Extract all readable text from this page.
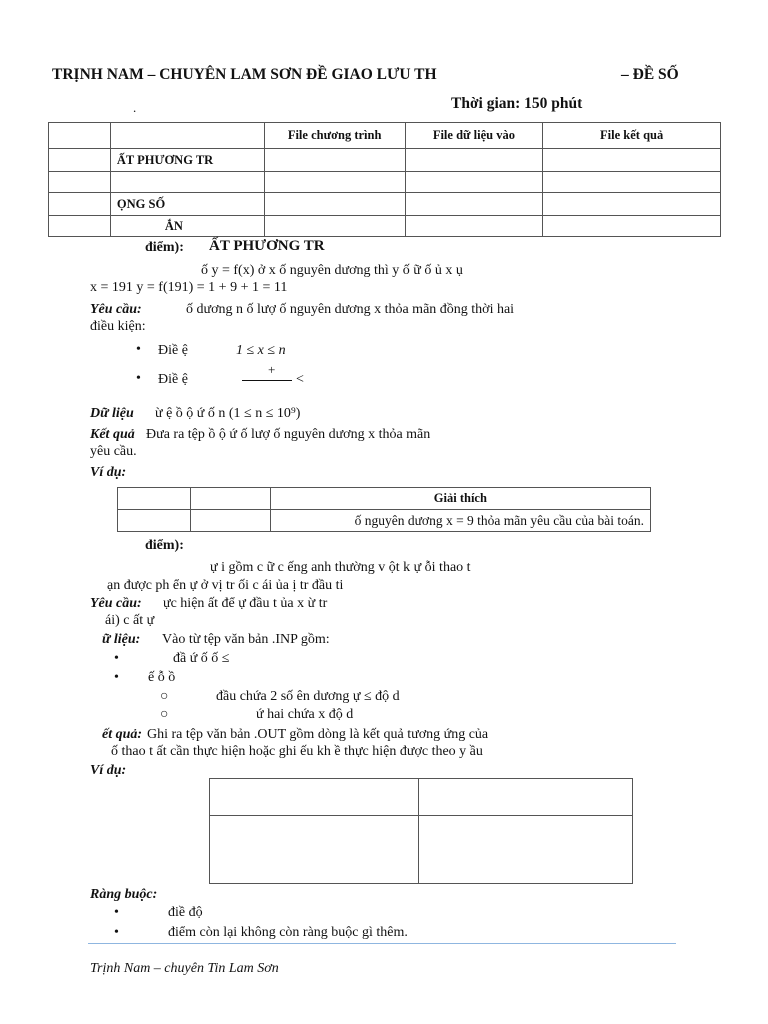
TRỊNH NAM – CHUYÊN LAM SƠN ĐỀ GIAO LƯU TH	– ĐỀ SỐ
.	Thời gian: 150 phút
		File chương trình	File dữ liệu vào	File kết quả
	ẤT PHƯƠNG TR			

	ỌNG SỐ			
	ẮN			
điểm): ẤT PHƯƠNG TR
ố y = f(x) ở x ố nguyên dương thì y ố ữ ố ủ x ụ
x = 191 y = f(191) = 1 + 9 + 1 = 11
Yêu cầu:	ố dương n ố lượ ố nguyên dương x thỏa mãn đồng thời hai
điều kiện:
• Điề ệ	1 ≤ x ≤ n
• Điề ệ
+
<
Dữ liệu ừ ệ ồ ộ ứ ố n (1 ≤ n ≤ 10⁹)
Kết quả Đưa ra tệp ồ ộ ứ ố lượ ố nguyên dương x thỏa mãn
yêu cầu.
Ví dụ:
		Giải thích
		ố nguyên dương x = 9 thỏa mãn yêu cầu của bài toán.
điểm):
ự i gồm c ữ c ếng anh thường v ột k ự ỗi thao t
ạn được ph ển ự ở vị tr ối c ái ủa ị tr đầu ti
Yêu cầu: ực hiện ất để ự đầu t ủa x ừ tr
ái) c ất ự
ữ liệu: Vào từ tệp văn bản .INP gồm:
•	đầ ứ ố ố ≤
• ế ỗ ồ
○	đầu chứa 2 số ên dương ự ≤ độ d
○	ứ hai chứa x độ d
ết quả: Ghi ra tệp văn bản .OUT gồm dòng là kết quả tương ứng của
ố thao t ất cần thực hiện hoặc ghi ếu kh ề thực hiện được theo y ầu
Ví dụ:

Ràng buộc:
•	điề độ
•	điểm còn lại không còn ràng buộc gì thêm.
Trịnh Nam – chuyên Tin Lam Sơn
